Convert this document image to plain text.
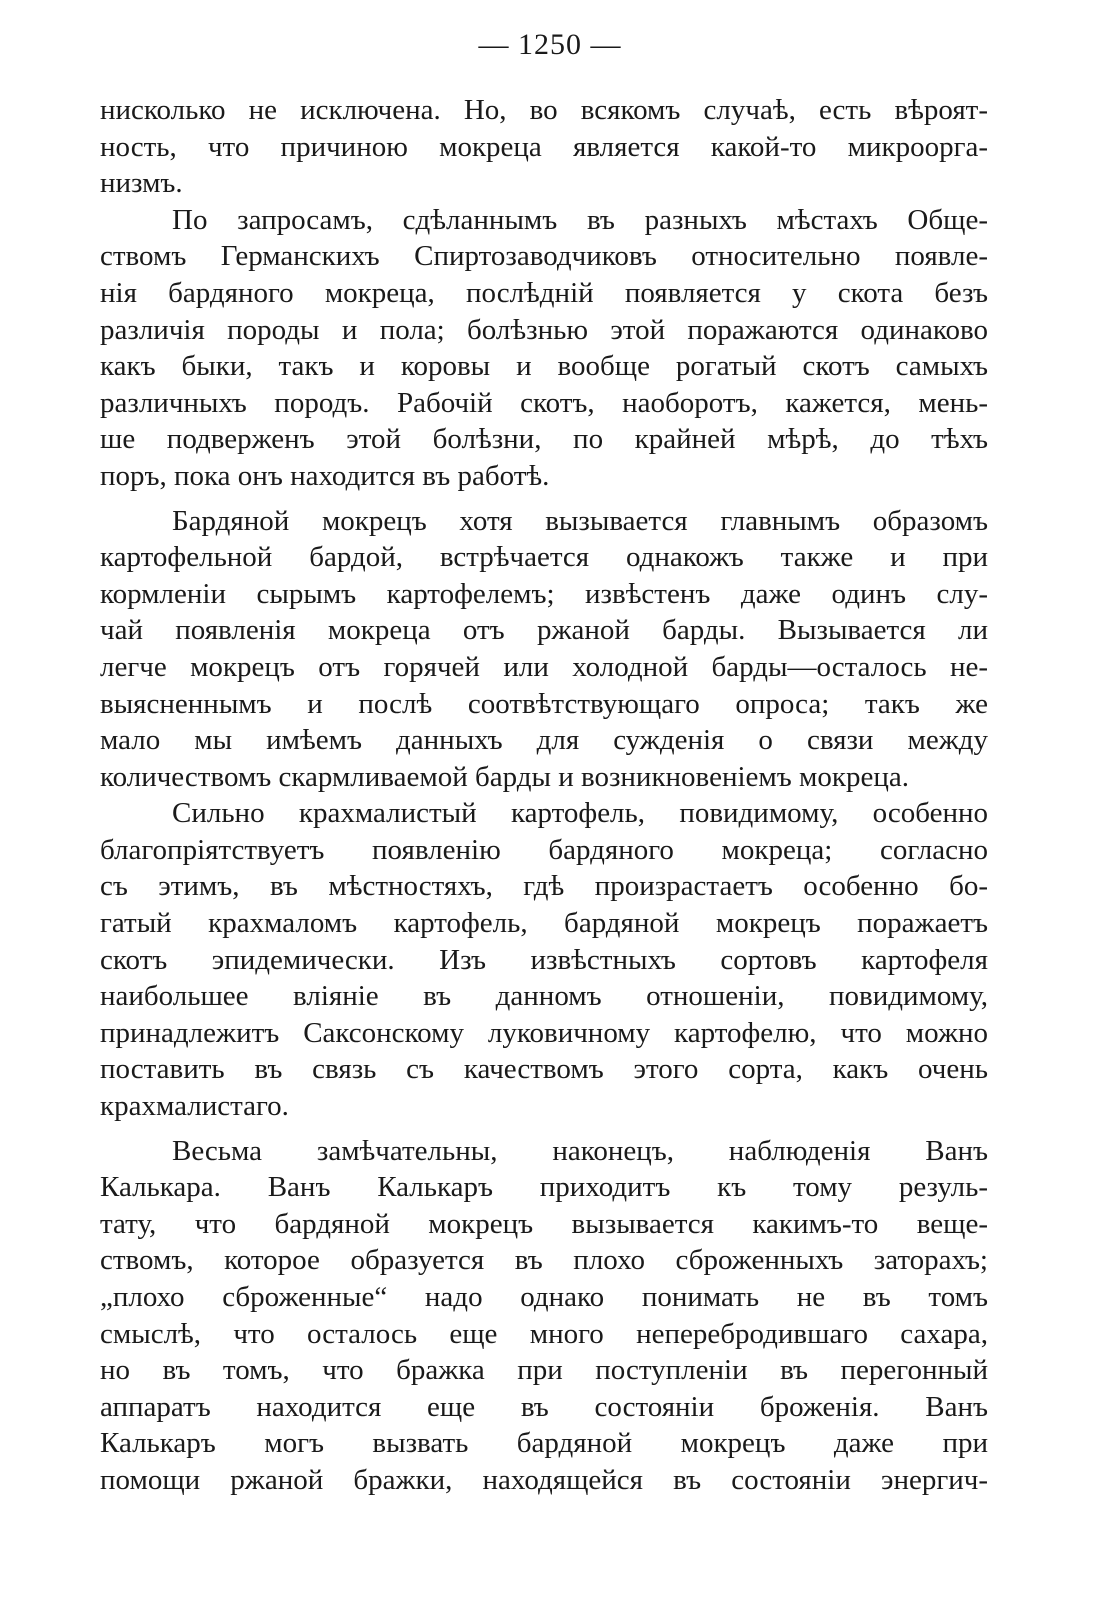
— 1250 —
нисколько не исключена. Но, во всякомъ случаѣ, есть вѣроят-
ность, что причиною мокреца является какой-то микроорга-
низмъ.
По запросамъ, сдѣланнымъ въ разныхъ мѣстахъ Обще-
ствомъ Германскихъ Спиртозаводчиковъ относительно появле-
нія бардяного мокреца, послѣдній появляется у скота безъ
различія породы и пола; болѣзнью этой поражаются одинаково
какъ быки, такъ и коровы и вообще рогатый скотъ самыхъ
различныхъ породъ. Рабочій скотъ, наоборотъ, кажется, мень-
ше подверженъ этой болѣзни, по крайней мѣрѣ, до тѣхъ
поръ, пока онъ находится въ работѣ.
Бардяной мокрецъ хотя вызывается главнымъ образомъ
картофельной бардой, встрѣчается однакожъ также и при
кормленіи сырымъ картофелемъ; извѣстенъ даже одинъ слу-
чай появленія мокреца отъ ржаной барды. Вызывается ли
легче мокрецъ отъ горячей или холодной барды—осталось не-
выясненнымъ и послѣ соотвѣтствующаго опроса; такъ же
мало мы имѣемъ данныхъ для сужденія о связи между
количествомъ скармливаемой барды и возникновеніемъ мокреца.
Сильно крахмалистый картофель, повидимому, особенно
благопріятствуетъ появленію бардяного мокреца; согласно
съ этимъ, въ мѣстностяхъ, гдѣ произрастаетъ особенно бо-
гатый крахмаломъ картофель, бардяной мокрецъ поражаетъ
скотъ эпидемически. Изъ извѣстныхъ сортовъ картофеля
наибольшее вліяніе въ данномъ отношеніи, повидимому,
принадлежитъ Саксонскому луковичному картофелю, что можно
поставить въ связь съ качествомъ этого сорта, какъ очень
крахмалистаго.
Весьма замѣчательны, наконецъ, наблюденія Ванъ
Калькара. Ванъ Калькаръ приходитъ къ тому резуль-
тату, что бардяной мокрецъ вызывается какимъ-то веще-
ствомъ, которое образуется въ плохо сброженныхъ заторахъ;
„плохо сброженные“ надо однако понимать не въ томъ
смыслѣ, что осталось еще много неперебродившаго сахара,
но въ томъ, что бражка при поступленіи въ перегонный
аппаратъ находится еще въ состояніи броженія. Ванъ
Калькаръ могъ вызвать бардяной мокрецъ даже при
помощи ржаной бражки, находящейся въ состояніи энергич-
